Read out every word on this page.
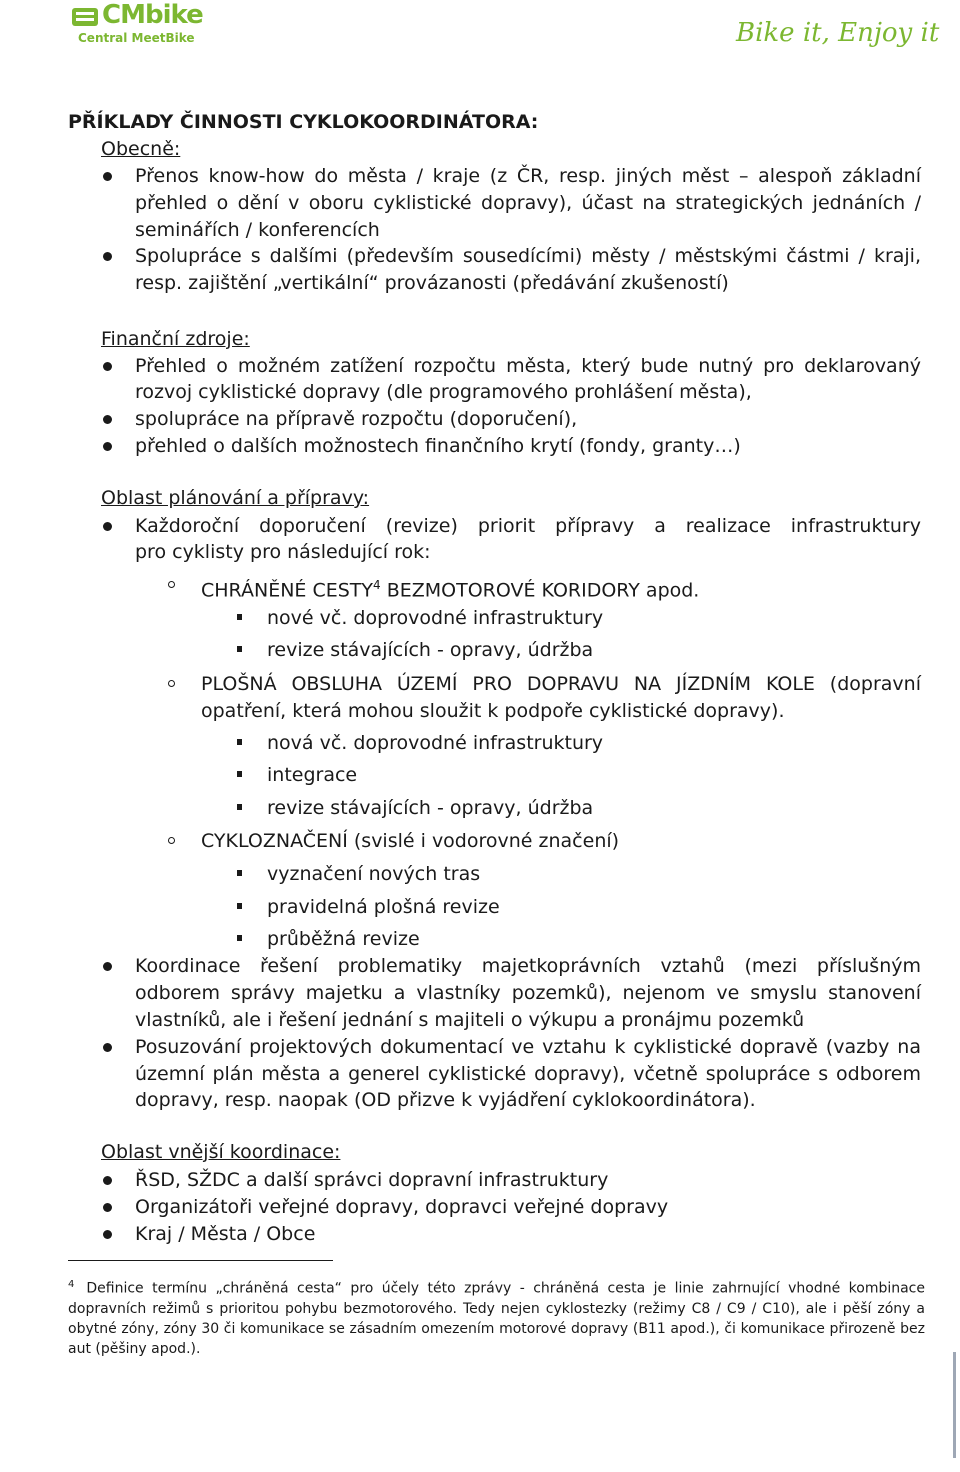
CMbike
Central MeetBike	Bike it, Enjoy it
PŘÍKLADY ČINNOSTI CYKLOKOORDINÁTORA:
Obecně:
Přenos know-how do města / kraje (z ČR, resp. jiných měst – alespoň základní
přehled o dění v oboru cyklistické dopravy), účast na strategických jednáních /
seminářích / konferencích
Spolupráce s dalšími (především sousedícími) městy / městskými částmi / kraji,
resp. zajištění „vertikální“ provázanosti (předávání zkušeností)
Finanční zdroje:
Přehled o možném zatížení rozpočtu města, který bude nutný pro deklarovaný
rozvoj cyklistické dopravy (dle programového prohlášení města),
spolupráce na přípravě rozpočtu (doporučení),
přehled o dalších možnostech finančního krytí (fondy, granty…)
Oblast plánování a přípravy:
Každoroční doporučení (revize) priorit přípravy a realizace infrastruktury
pro cyklisty pro následující rok:
CHRÁNĚNÉ CESTY$^4$ BEZMOTOROVÉ KORIDORY apod.
nové vč. doprovodné infrastruktury
revize stávajících - opravy, údržba
PLOŠNÁ OBSLUHA ÚZEMÍ PRO DOPRAVU NA JÍZDNÍM KOLE (dopravní
opatření, která mohou sloužit k podpoře cyklistické dopravy).
nová vč. doprovodné infrastruktury
integrace
revize stávajících - opravy, údržba
CYKLOZNAČENÍ (svislé i vodorovné značení)
vyznačení nových tras
pravidelná plošná revize
průběžná revize
Koordinace řešení problematiky majetkoprávních vztahů (mezi příslušným
odborem správy majetku a vlastníky pozemků), nejenom ve smyslu stanovení
vlastníků, ale i řešení jednání s majiteli o výkupu a pronájmu pozemků
Posuzování projektových dokumentací ve vztahu k cyklistické dopravě (vazby na
územní plán města a generel cyklistické dopravy), včetně spolupráce s odborem
dopravy, resp. naopak (OD přizve k vyjádření cyklokoordinátora).
Oblast vnější koordinace:
ŘSD, SŽDC a další správci dopravní infrastruktury
Organizátoři veřejné dopravy, dopravci veřejné dopravy
Kraj / Města / Obce
$^4$ Definice termínu „chráněná cesta“ pro účely této zprávy - chráněná cesta je linie zahrnující vhodné kombinace dopravních režimů s prioritou pohybu bezmotorového. Tedy nejen cyklostezky (režimy C8 / C9 / C10), ale i pěší zóny a obytné zóny, zóny 30 či komunikace se zásadním omezením motorové dopravy (B11 apod.), či komunikace přirozeně bez aut (pěšiny apod.).
